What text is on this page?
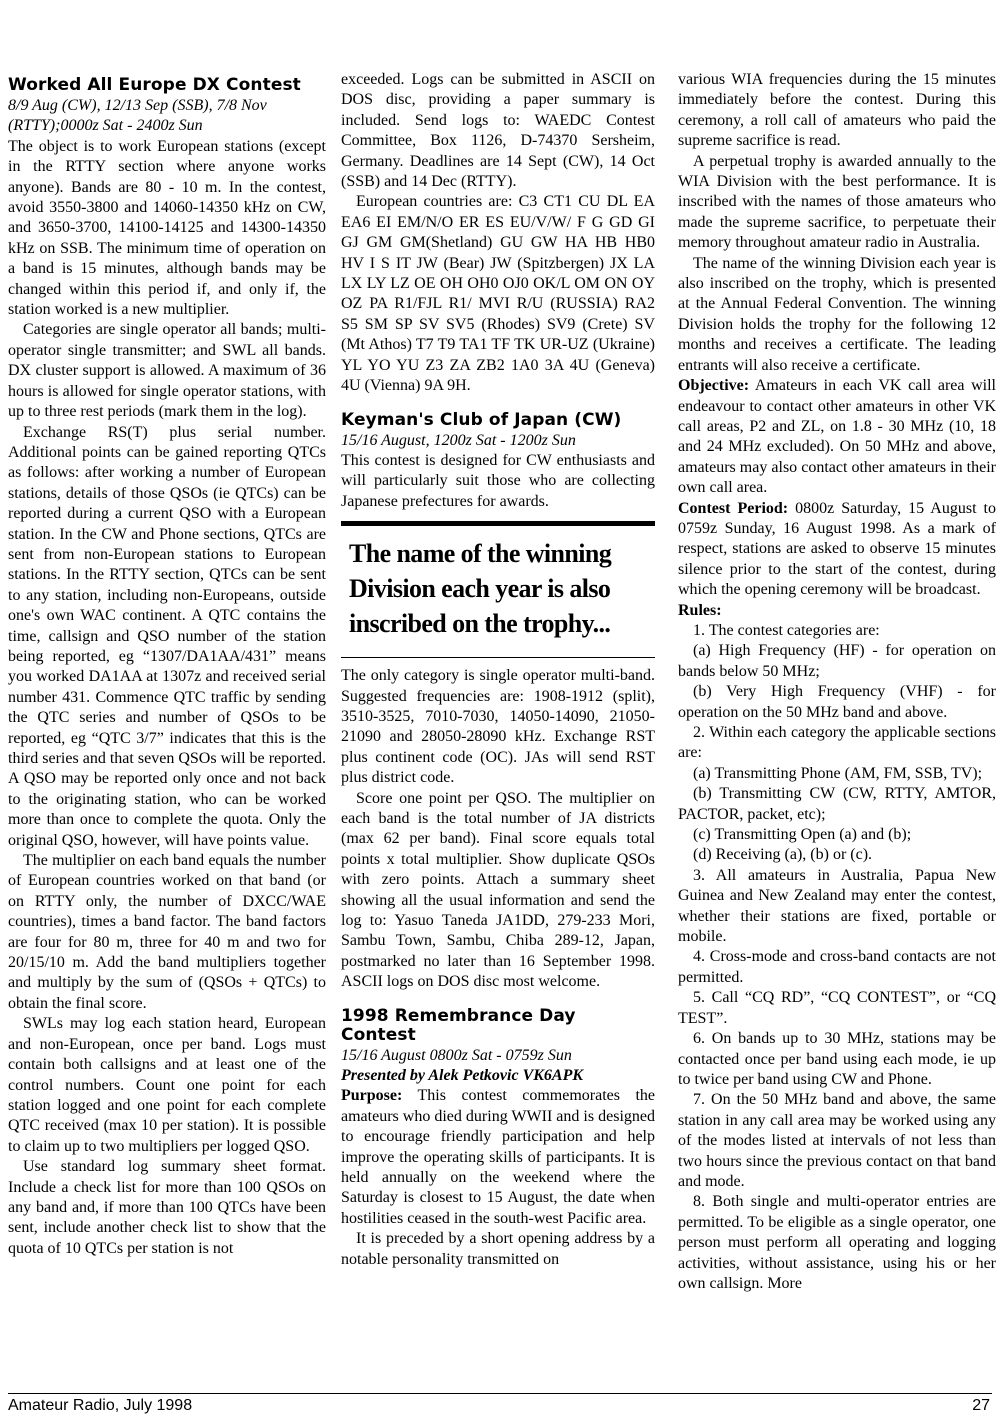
Worked All Europe DX Contest

8/9 Aug (CW), 12/13 Sep (SSB), 7/8 Nov (RTTY);0000z Sat - 2400z Sun

The object is to work European stations (except in the RTTY section where anyone works anyone). Bands are 80 - 10 m. In the contest, avoid 3550-3800 and 14060-14350 kHz on CW, and 3650-3700, 14100-14125 and 14300-14350 kHz on SSB. The minimum time of operation on a band is 15 minutes, although bands may be changed within this period if, and only if, the station worked is a new multiplier.

Categories are single operator all bands; multi-operator single transmitter; and SWL all bands. DX cluster support is allowed. A maximum of 36 hours is allowed for single operator stations, with up to three rest periods (mark them in the log).

Exchange RS(T) plus serial number. Additional points can be gained reporting QTCs as follows: after working a number of European stations, details of those QSOs (ie QTCs) can be reported during a current QSO with a European station. In the CW and Phone sections, QTCs are sent from non-European stations to European stations. In the RTTY section, QTCs can be sent to any station, including non-Europeans, outside one's own WAC continent. A QTC contains the time, callsign and QSO number of the station being reported, eg “1307/DA1AA/431” means you worked DA1AA at 1307z and received serial number 431. Commence QTC traffic by sending the QTC series and number of QSOs to be reported, eg “QTC 3/7” indicates that this is the third series and that seven QSOs will be reported. A QSO may be reported only once and not back to the originating station, who can be worked more than once to complete the quota. Only the original QSO, however, will have points value.

The multiplier on each band equals the number of European countries worked on that band (or on RTTY only, the number of DXCC/WAE countries), times a band factor. The band factors are four for 80 m, three for 40 m and two for 20/15/10 m. Add the band multipliers together and multiply by the sum of (QSOs + QTCs) to obtain the final score.

SWLs may log each station heard, European and non-European, once per band. Logs must contain both callsigns and at least one of the control numbers. Count one point for each station logged and one point for each complete QTC received (max 10 per station). It is possible to claim up to two multipliers per logged QSO.

Use standard log summary sheet format. Include a check list for more than 100 QSOs on any band and, if more than 100 QTCs have been sent, include another check list to show that the quota of 10 QTCs per station is not

exceeded. Logs can be submitted in ASCII on DOS disc, providing a paper summary is included. Send logs to: WAEDC Contest Committee, Box 1126, D-74370 Sersheim, Germany. Deadlines are 14 Sept (CW), 14 Oct (SSB) and 14 Dec (RTTY).

European countries are: C3 CT1 CU DL EA EA6 EI EM/N/O ER ES EU/V/W/ F G GD GI GJ GM GM(Shetland) GU GW HA HB HB0 HV I S IT JW (Bear) JW (Spitzbergen) JX LA LX LY LZ OE OH OH0 OJ0 OK/L OM ON OY OZ PA R1/FJL R1/ MVI R/U (RUSSIA) RA2 S5 SM SP SV SV5 (Rhodes) SV9 (Crete) SV (Mt Athos) T7 T9 TA1 TF TK UR-UZ (Ukraine) YL YO YU Z3 ZA ZB2 1A0 3A 4U (Geneva) 4U (Vienna) 9A 9H.

Keyman's Club of Japan (CW)

15/16 August, 1200z Sat - 1200z Sun

This contest is designed for CW enthusiasts and will particularly suit those who are collecting Japanese prefectures for awards.

The name of the winning Division each year is also inscribed on the trophy...

The only category is single operator multi-band. Suggested frequencies are: 1908-1912 (split), 3510-3525, 7010-7030, 14050-14090, 21050-21090 and 28050-28090 kHz. Exchange RST plus continent code (OC). JAs will send RST plus district code.

Score one point per QSO. The multiplier on each band is the total number of JA districts (max 62 per band). Final score equals total points x total multiplier. Show duplicate QSOs with zero points. Attach a summary sheet showing all the usual information and send the log to: Yasuo Taneda JA1DD, 279-233 Mori, Sambu Town, Sambu, Chiba 289-12, Japan, postmarked no later than 16 September 1998. ASCII logs on DOS disc most welcome.

1998 Remembrance Day Contest

15/16 August 0800z Sat - 0759z Sun

Presented by Alek Petkovic VK6APK

Purpose: This contest commemorates the amateurs who died during WWII and is designed to encourage friendly participation and help improve the operating skills of participants. It is held annually on the weekend where the Saturday is closest to 15 August, the date when hostilities ceased in the south-west Pacific area.

It is preceded by a short opening address by a notable personality transmitted on

various WIA frequencies during the 15 minutes immediately before the contest. During this ceremony, a roll call of amateurs who paid the supreme sacrifice is read.

A perpetual trophy is awarded annually to the WIA Division with the best performance. It is inscribed with the names of those amateurs who made the supreme sacrifice, to perpetuate their memory throughout amateur radio in Australia.

The name of the winning Division each year is also inscribed on the trophy, which is presented at the Annual Federal Convention. The winning Division holds the trophy for the following 12 months and receives a certificate. The leading entrants will also receive a certificate.

Objective: Amateurs in each VK call area will endeavour to contact other amateurs in other VK call areas, P2 and ZL, on 1.8 - 30 MHz (10, 18 and 24 MHz excluded). On 50 MHz and above, amateurs may also contact other amateurs in their own call area.

Contest Period: 0800z Saturday, 15 August to 0759z Sunday, 16 August 1998. As a mark of respect, stations are asked to observe 15 minutes silence prior to the start of the contest, during which the opening ceremony will be broadcast.

Rules:

1. The contest categories are:

(a) High Frequency (HF) - for operation on bands below 50 MHz;

(b) Very High Frequency (VHF) - for operation on the 50 MHz band and above.

2. Within each category the applicable sections are:

(a) Transmitting Phone (AM, FM, SSB, TV);

(b) Transmitting CW (CW, RTTY, AMTOR, PACTOR, packet, etc);

(c) Transmitting Open (a) and (b);

(d) Receiving (a), (b) or (c).

3. All amateurs in Australia, Papua New Guinea and New Zealand may enter the contest, whether their stations are fixed, portable or mobile.

4. Cross-mode and cross-band contacts are not permitted.

5. Call “CQ RD”, “CQ CONTEST”, or “CQ TEST”.

6. On bands up to 30 MHz, stations may be contacted once per band using each mode, ie up to twice per band using CW and Phone.

7. On the 50 MHz band and above, the same station in any call area may be worked using any of the modes listed at intervals of not less than two hours since the previous contact on that band and mode.

8. Both single and multi-operator entries are permitted. To be eligible as a single operator, one person must perform all operating and logging activities, without assistance, using his or her own callsign. More

Amateur Radio, July 1998	27
